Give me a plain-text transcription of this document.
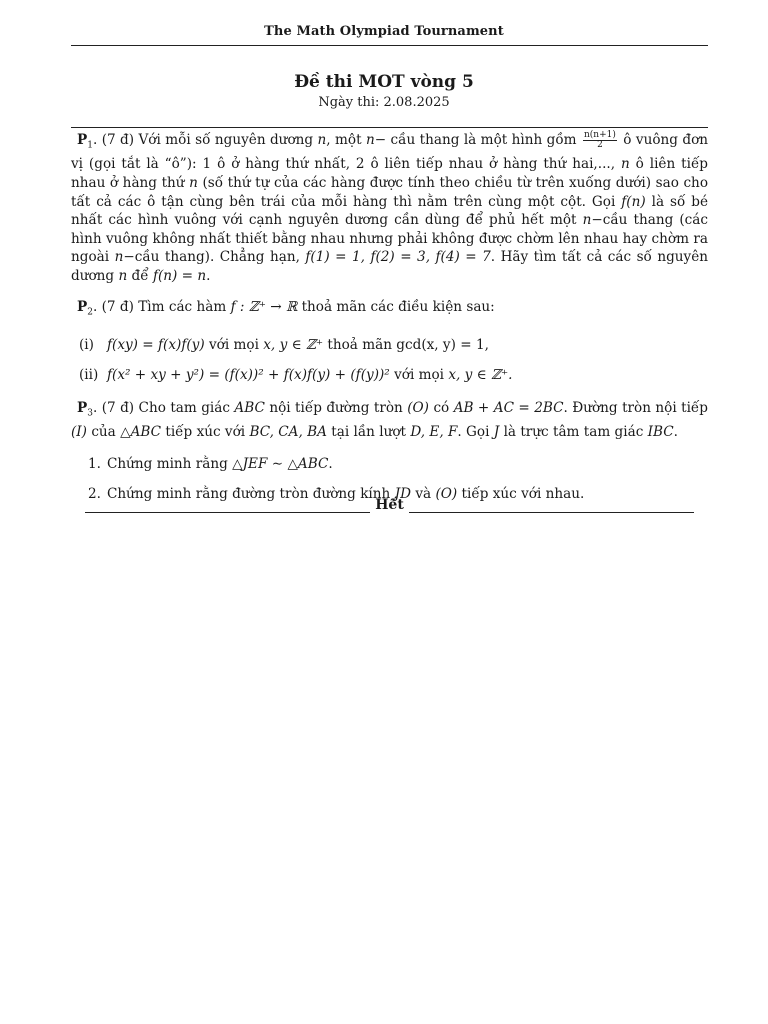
The Math Olympiad Tournament
Đề thi MOT vòng 5
Ngày thi: 2.08.2025

$P_1$. (7 đ) Với mỗi số nguyên dương n, một n− cầu thang là một hình gồm $\frac{n(n+1)}{2}$ ô vuông đơn vị (gọi tắt là “ô”): 1 ô ở hàng thứ nhất, 2 ô liên tiếp nhau ở hàng thứ hai,..., n ô liên tiếp nhau ở hàng thứ n (số thứ tự của các hàng được tính theo chiều từ trên xuống dưới) sao cho tất cả các ô tận cùng bên trái của mỗi hàng thì nằm trên cùng một cột. Gọi f(n) là số bé nhất các hình vuông với cạnh nguyên dương cần dùng để phủ hết một n−cầu thang (các hình vuông không nhất thiết bằng nhau nhưng phải không được chờm lên nhau hay chờm ra ngoài n−cầu thang). Chẳng hạn, f(1) = 1, f(2) = 3, f(4) = 7. Hãy tìm tất cả các số nguyên dương n để f(n) = n.

$P_2$. (7 đ) Tìm các hàm f : ℤ⁺ → ℝ thoả mãn các điều kiện sau:

(i) f(xy) = f(x)f(y) với mọi x, y ∈ ℤ⁺ thoả mãn gcd(x, y) = 1,
(ii) f(x² + xy + y²) = (f(x))² + f(x)f(y) + (f(y))² với mọi x, y ∈ ℤ⁺.

$P_3$. (7 đ) Cho tam giác ABC nội tiếp đường tròn (O) có AB + AC = 2BC. Đường tròn nội tiếp (I) của △ABC tiếp xúc với BC, CA, BA tại lần lượt D, E, F. Gọi J là trực tâm tam giác IBC.

1. Chứng minh rằng △JEF ∼ △ABC.
2. Chứng minh rằng đường tròn đường kính JD và (O) tiếp xúc với nhau.
Hết
